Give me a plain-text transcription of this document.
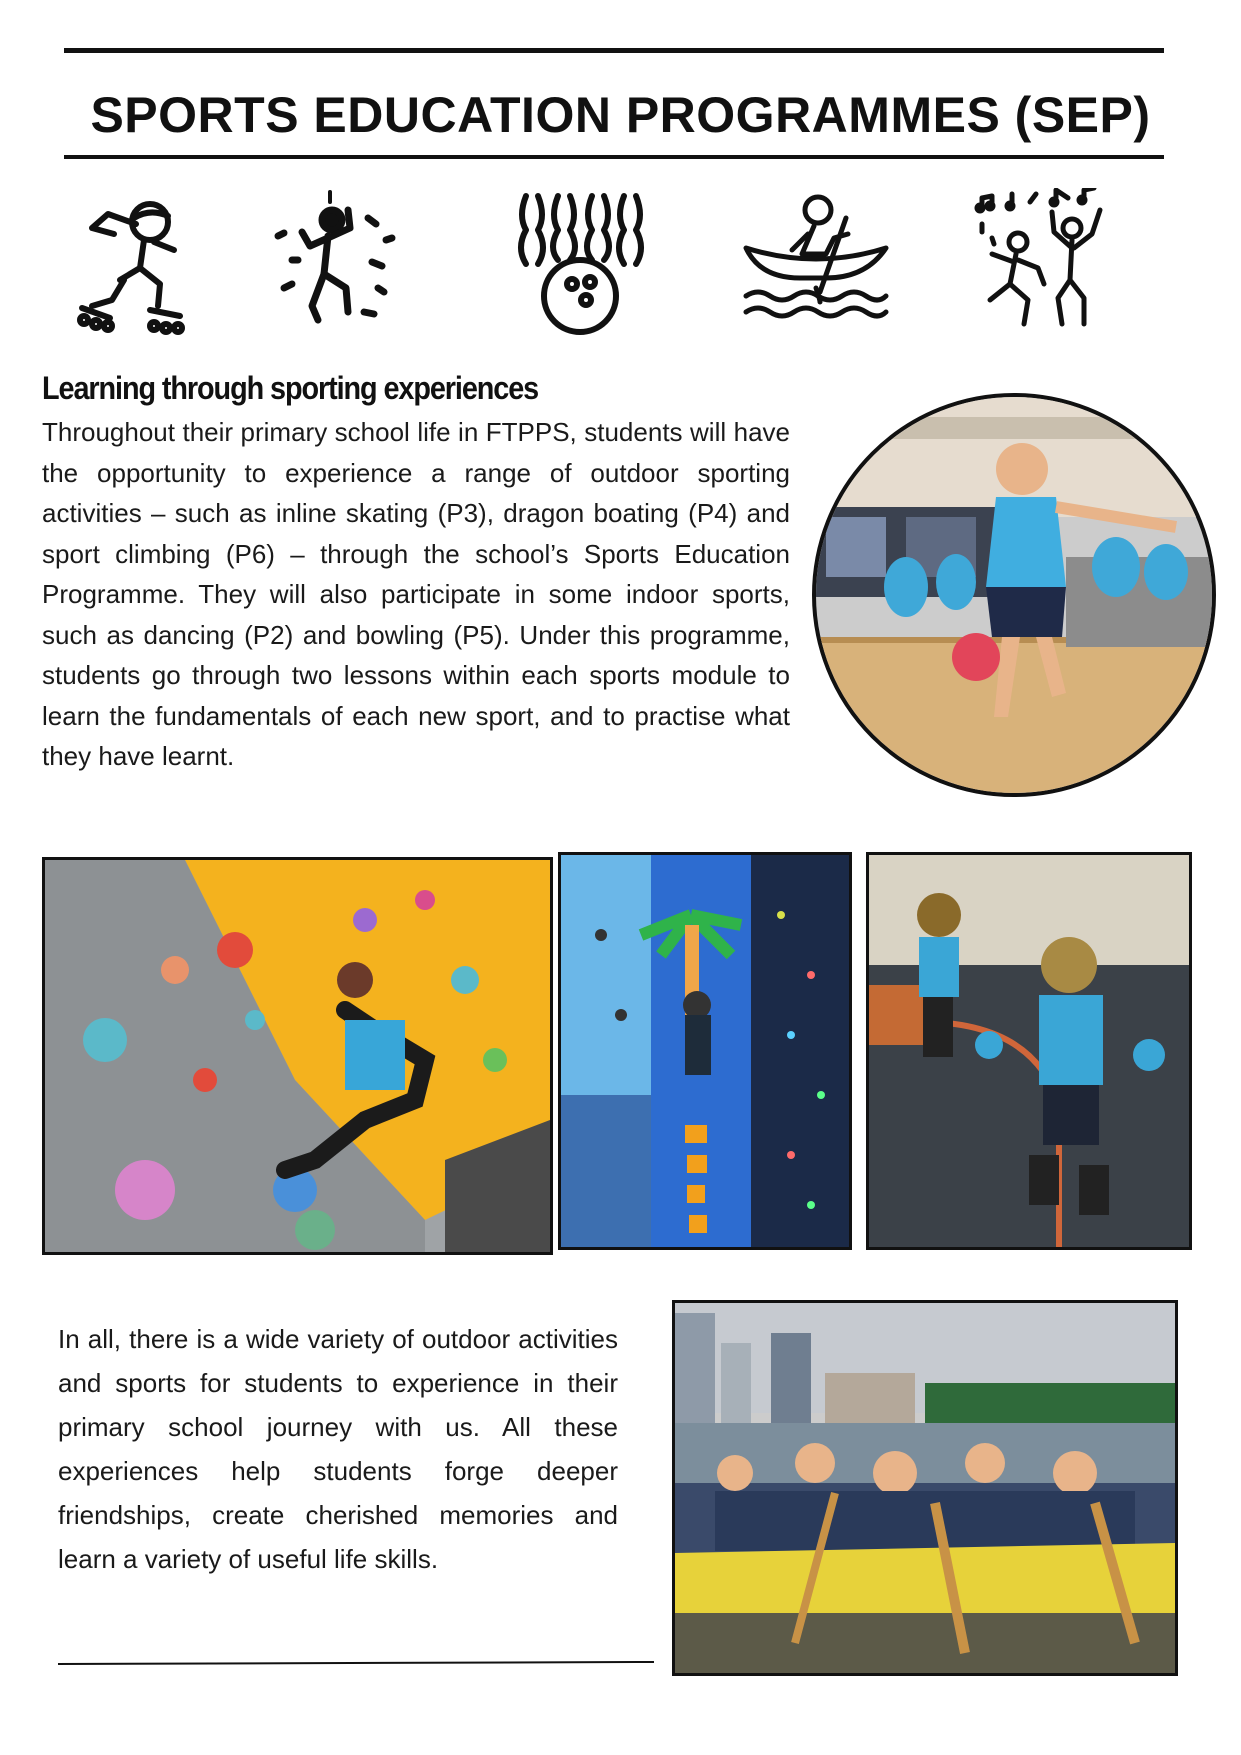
SPORTS EDUCATION PROGRAMMES (SEP)
Learning through sporting experiences

Throughout their primary school life in FTPPS, students will have the opportunity to experience a range of outdoor sporting activities – such as inline skating (P3), dragon boating (P4) and sport climbing (P6) – through the school’s Sports Education Programme. They will also participate in some indoor sports, such as dancing (P2) and bowling (P5). Under this programme, students go through two lessons within each sports module to learn the fundamentals of each new sport, and to practise what they have learnt.

In all, there is a wide variety of outdoor activities and sports for students to experience in their primary school journey with us. All these experiences help students forge deeper friendships, create cherished memories and learn a variety of useful life skills.
